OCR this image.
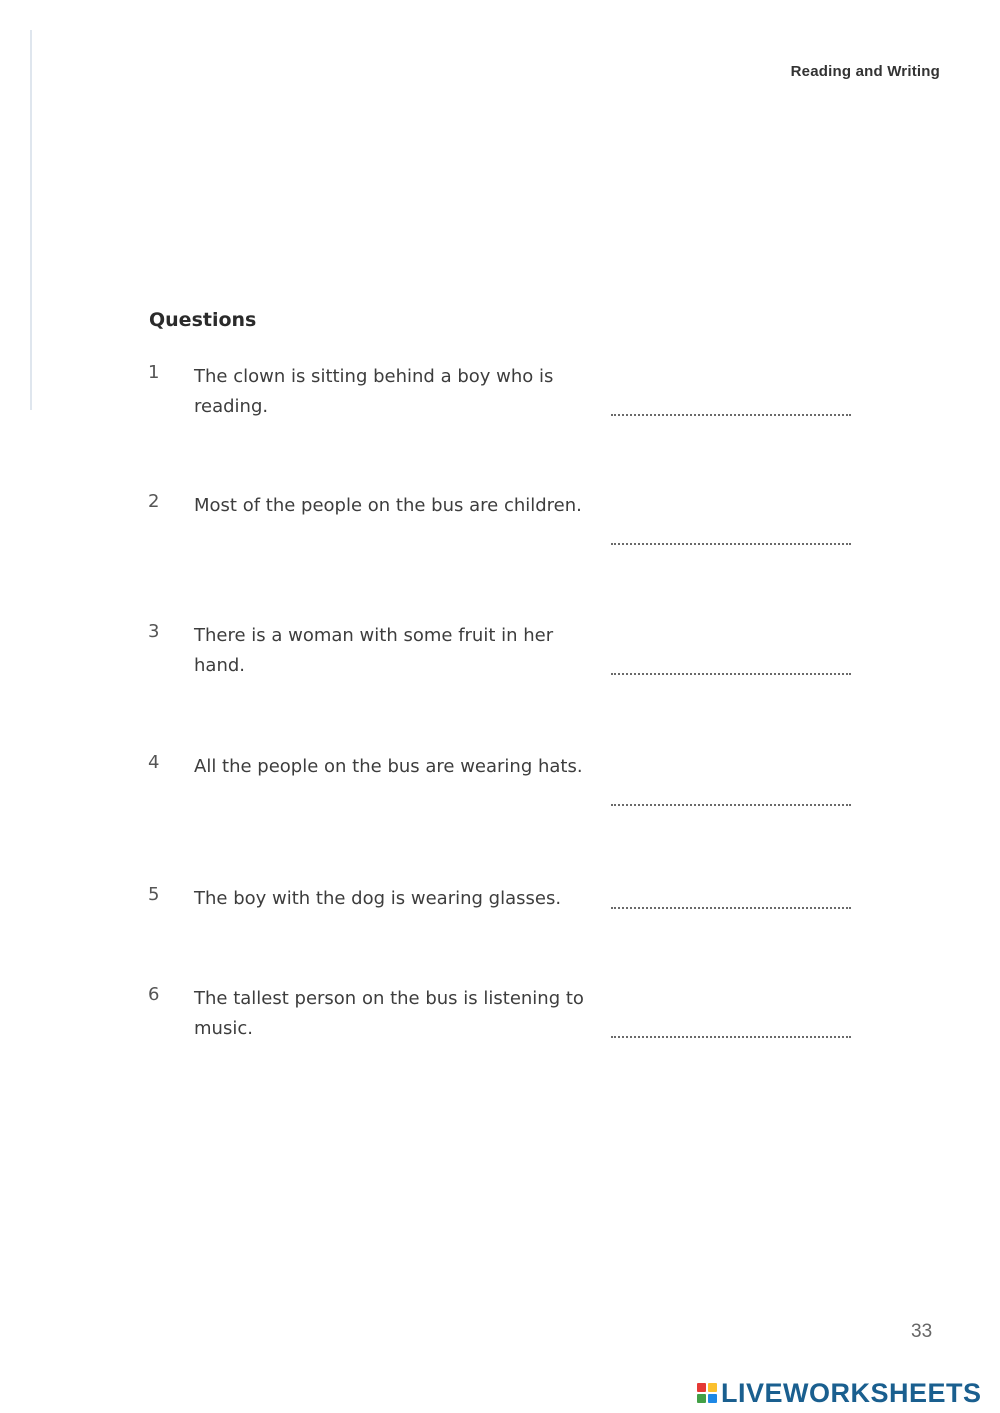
Reading and Writing
Questions
1 The clown is sitting behind a boy who is reading.
2 Most of the people on the bus are children.
3 There is a woman with some fruit in her hand.
4 All the people on the bus are wearing hats.
5 The boy with the dog is wearing glasses.
6 The tallest person on the bus is listening to music.
33
LIVEWORKSHEETS
